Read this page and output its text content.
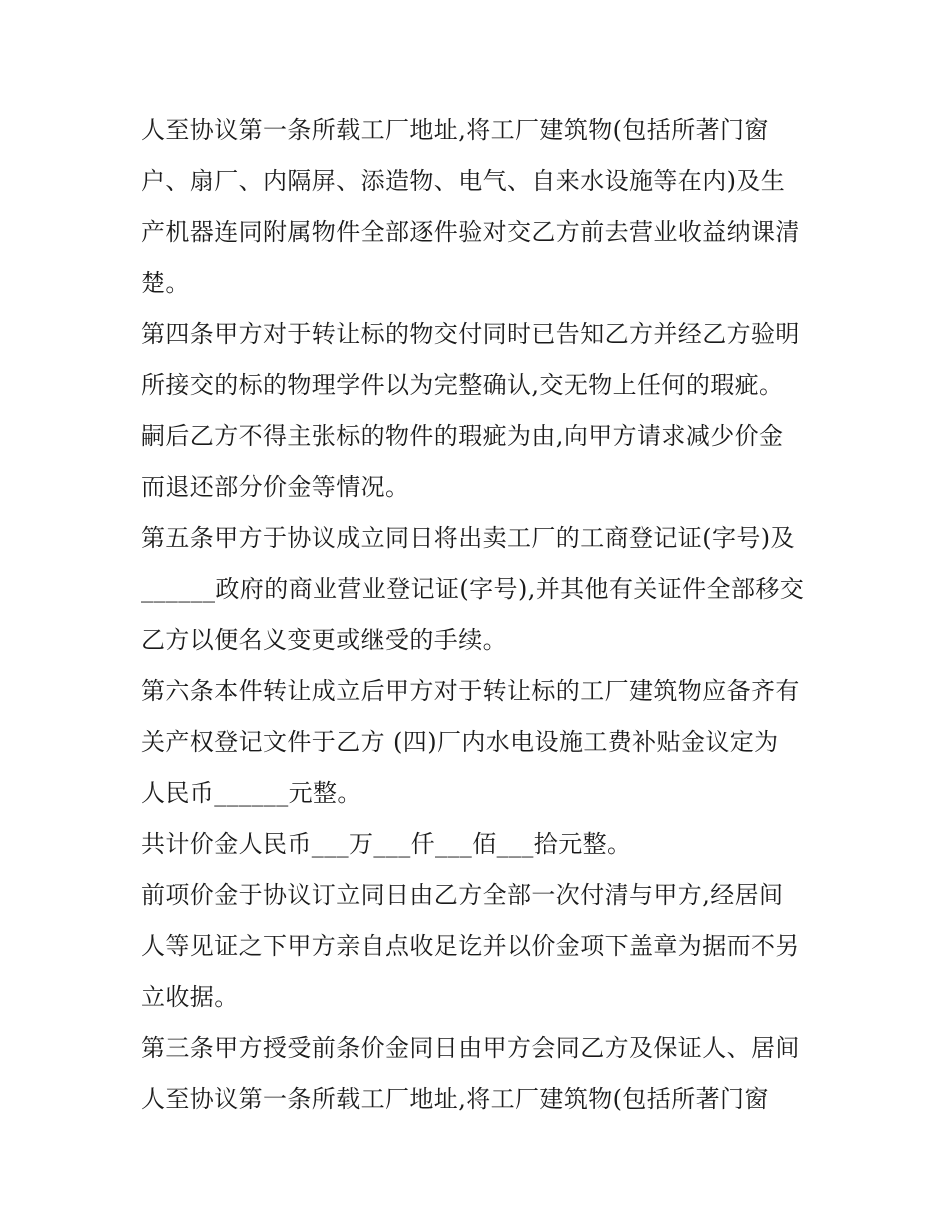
人至协议第一条所载工厂地址,将工厂建筑物(包括所著门窗
户、扇厂、内隔屏、添造物、电气、自来水设施等在内)及生
产机器连同附属物件全部逐件验对交乙方前去营业收益纳课清
楚。
第四条甲方对于转让标的物交付同时已告知乙方并经乙方验明
所接交的标的物理学件以为完整确认,交无物上任何的瑕疵。
嗣后乙方不得主张标的物件的瑕疵为由,向甲方请求减少价金
而退还部分价金等情况。
第五条甲方于协议成立同日将出卖工厂的工商登记证(字号)及
______政府的商业营业登记证(字号),并其他有关证件全部移交
乙方以便名义变更或继受的手续。
第六条本件转让成立后甲方对于转让标的工厂建筑物应备齐有
关产权登记文件于乙方 (四)厂内水电设施工费补贴金议定为
人民币______元整。
共计价金人民币___万___仟___佰___拾元整。
前项价金于协议订立同日由乙方全部一次付清与甲方,经居间
人等见证之下甲方亲自点收足讫并以价金项下盖章为据而不另
立收据。
第三条甲方授受前条价金同日由甲方会同乙方及保证人、居间
人至协议第一条所载工厂地址,将工厂建筑物(包括所著门窗
